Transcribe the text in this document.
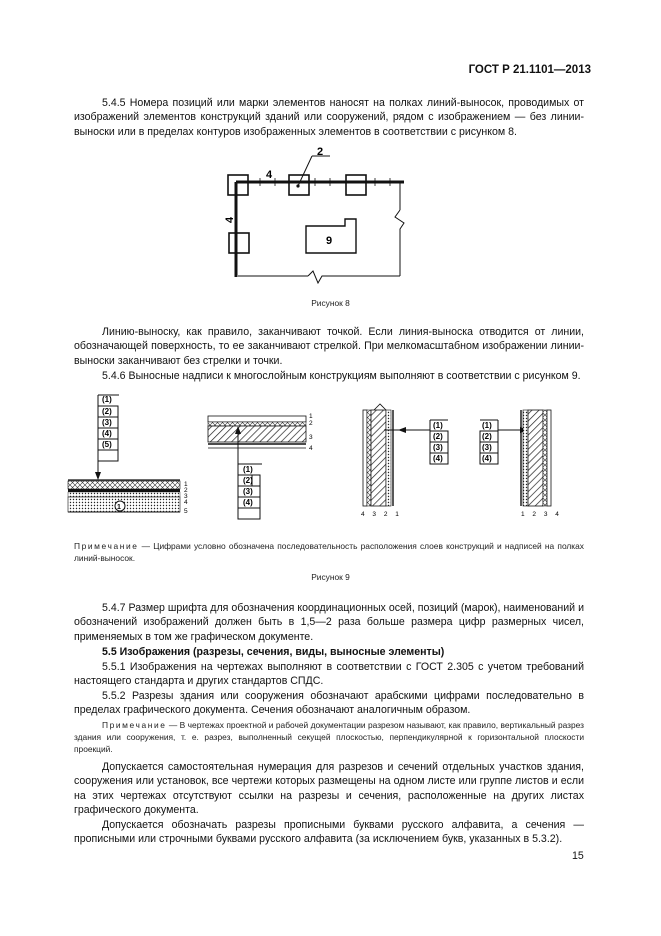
ГОСТ Р 21.1101—2013

5.4.5 Номера позиций или марки элементов наносят на полках линий-выносок, проводимых от изображений элементов конструкций зданий или сооружений, рядом с изображением — без линии-выноски или в пределах контуров изображенных элементов в соответствии с рисунком 8.

2
4
4
9
Рисунок 8

Линию-выноску, как правило, заканчивают точкой. Если линия-выноска отводится от линии, обозначающей поверхность, то ее заканчивают стрелкой. При мелкомасштабном изображении линии-выноски заканчивают без стрелки и точки.

5.4.6 Выносные надписи к многослойным конструкциям выполняют в соответствии с рисунком 9.

(1)
(2)
(3)
(4)
(5)
1
1
2
3
4
5
1
2
3
4
(1)
(2)
(3)
(4)
(1)
(2)
(3)
(4)
4 3 2 1
(1)
(2)
(3)
(4)
1 2 3 4

Примечание — Цифрами условно обозначена последовательность расположения слоев конструкций и надписей на полках линий-выносок.

Рисунок 9

5.4.7 Размер шрифта для обозначения координационных осей, позиций (марок), наименований и обозначений изображений должен быть в 1,5—2 раза больше размера цифр размерных чисел, применяемых в том же графическом документе.

5.5 Изображения (разрезы, сечения, виды, выносные элементы)

5.5.1 Изображения на чертежах выполняют в соответствии с ГОСТ 2.305 с учетом требований настоящего стандарта и других стандартов СПДС.

5.5.2 Разрезы здания или сооружения обозначают арабскими цифрами последовательно в пределах графического документа. Сечения обозначают аналогичным образом.

Примечание — В чертежах проектной и рабочей документации разрезом называют, как правило, вертикальный разрез здания или сооружения, т. е. разрез, выполненный секущей плоскостью, перпендикулярной к горизонтальной плоскости проекций.

Допускается самостоятельная нумерация для разрезов и сечений отдельных участков здания, сооружения или установок, все чертежи которых размещены на одном листе или группе листов и если на этих чертежах отсутствуют ссылки на разрезы и сечения, расположенные на других листах графического документа.

Допускается обозначать разрезы прописными буквами русского алфавита, а сечения — прописными или строчными буквами русского алфавита (за исключением букв, указанных в 5.3.2).

15
